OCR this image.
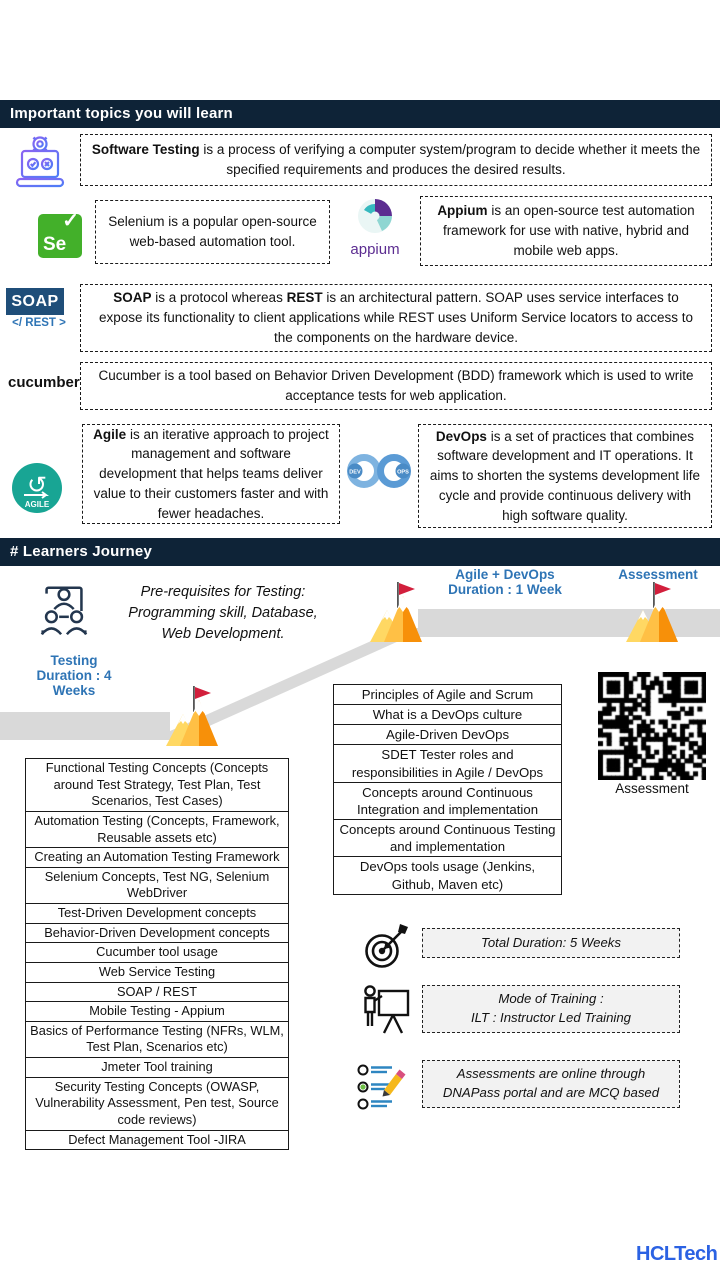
Important topics you will learn
Software Testing is a process of verifying a computer system/program to decide whether it meets the specified requirements and produces the desired results.
Se
✓ Selenium is a popular open-source web-based automation tool.	appium
Appium is an open-source test automation framework for use with native, hybrid and mobile web apps.
SOAP
</ REST >
SOAP is a protocol whereas REST is an architectural pattern. SOAP uses service interfaces to expose its functionality to client applications while REST uses Uniform Service locators to access to the components on the hardware device.
cucumber	Cucumber is a tool based on Behavior Driven Development (BDD) framework which is used to write acceptance tests for web application.
↺
AGILE
Agile is an iterative approach to project management and software development that helps teams deliver value to their customers faster and with fewer headaches.
DEV	OPS
DevOps is a set of practices that combines software development and IT operations. It aims to shorten the systems development life cycle and provide continuous delivery with high software quality.
# Learners Journey
Pre-requisites for Testing:
Programming skill, Database,
Web Development.
Testing
Duration : 4
Weeks
Agile + DevOps
Duration : 1 Week
Assessment
Assessment
Principles of Agile and Scrum
What is a DevOps culture
Agile-Driven DevOps
SDET Tester roles and responsibilities in Agile / DevOps
Concepts around Continuous Integration and implementation
Concepts around Continuous Testing and implementation
DevOps tools usage (Jenkins, Github, Maven etc)
Functional Testing Concepts (Concepts around Test Strategy, Test Plan, Test Scenarios, Test Cases)
Automation Testing (Concepts, Framework, Reusable assets etc)
Creating an Automation Testing Framework
Selenium Concepts, Test NG, Selenium WebDriver
Test-Driven Development concepts
Behavior-Driven Development concepts
Cucumber tool usage
Web Service Testing
SOAP / REST
Mobile Testing - Appium
Basics of Performance Testing (NFRs, WLM, Test Plan, Scenarios etc)
Jmeter Tool training
Security Testing Concepts (OWASP, Vulnerability Assessment, Pen test, Source code reviews)
Defect Management Tool -JIRA
Total Duration: 5 Weeks
Mode of Training :
ILT : Instructor Led Training
Assessments are online through
DNAPass portal and are MCQ based
HCLTech
